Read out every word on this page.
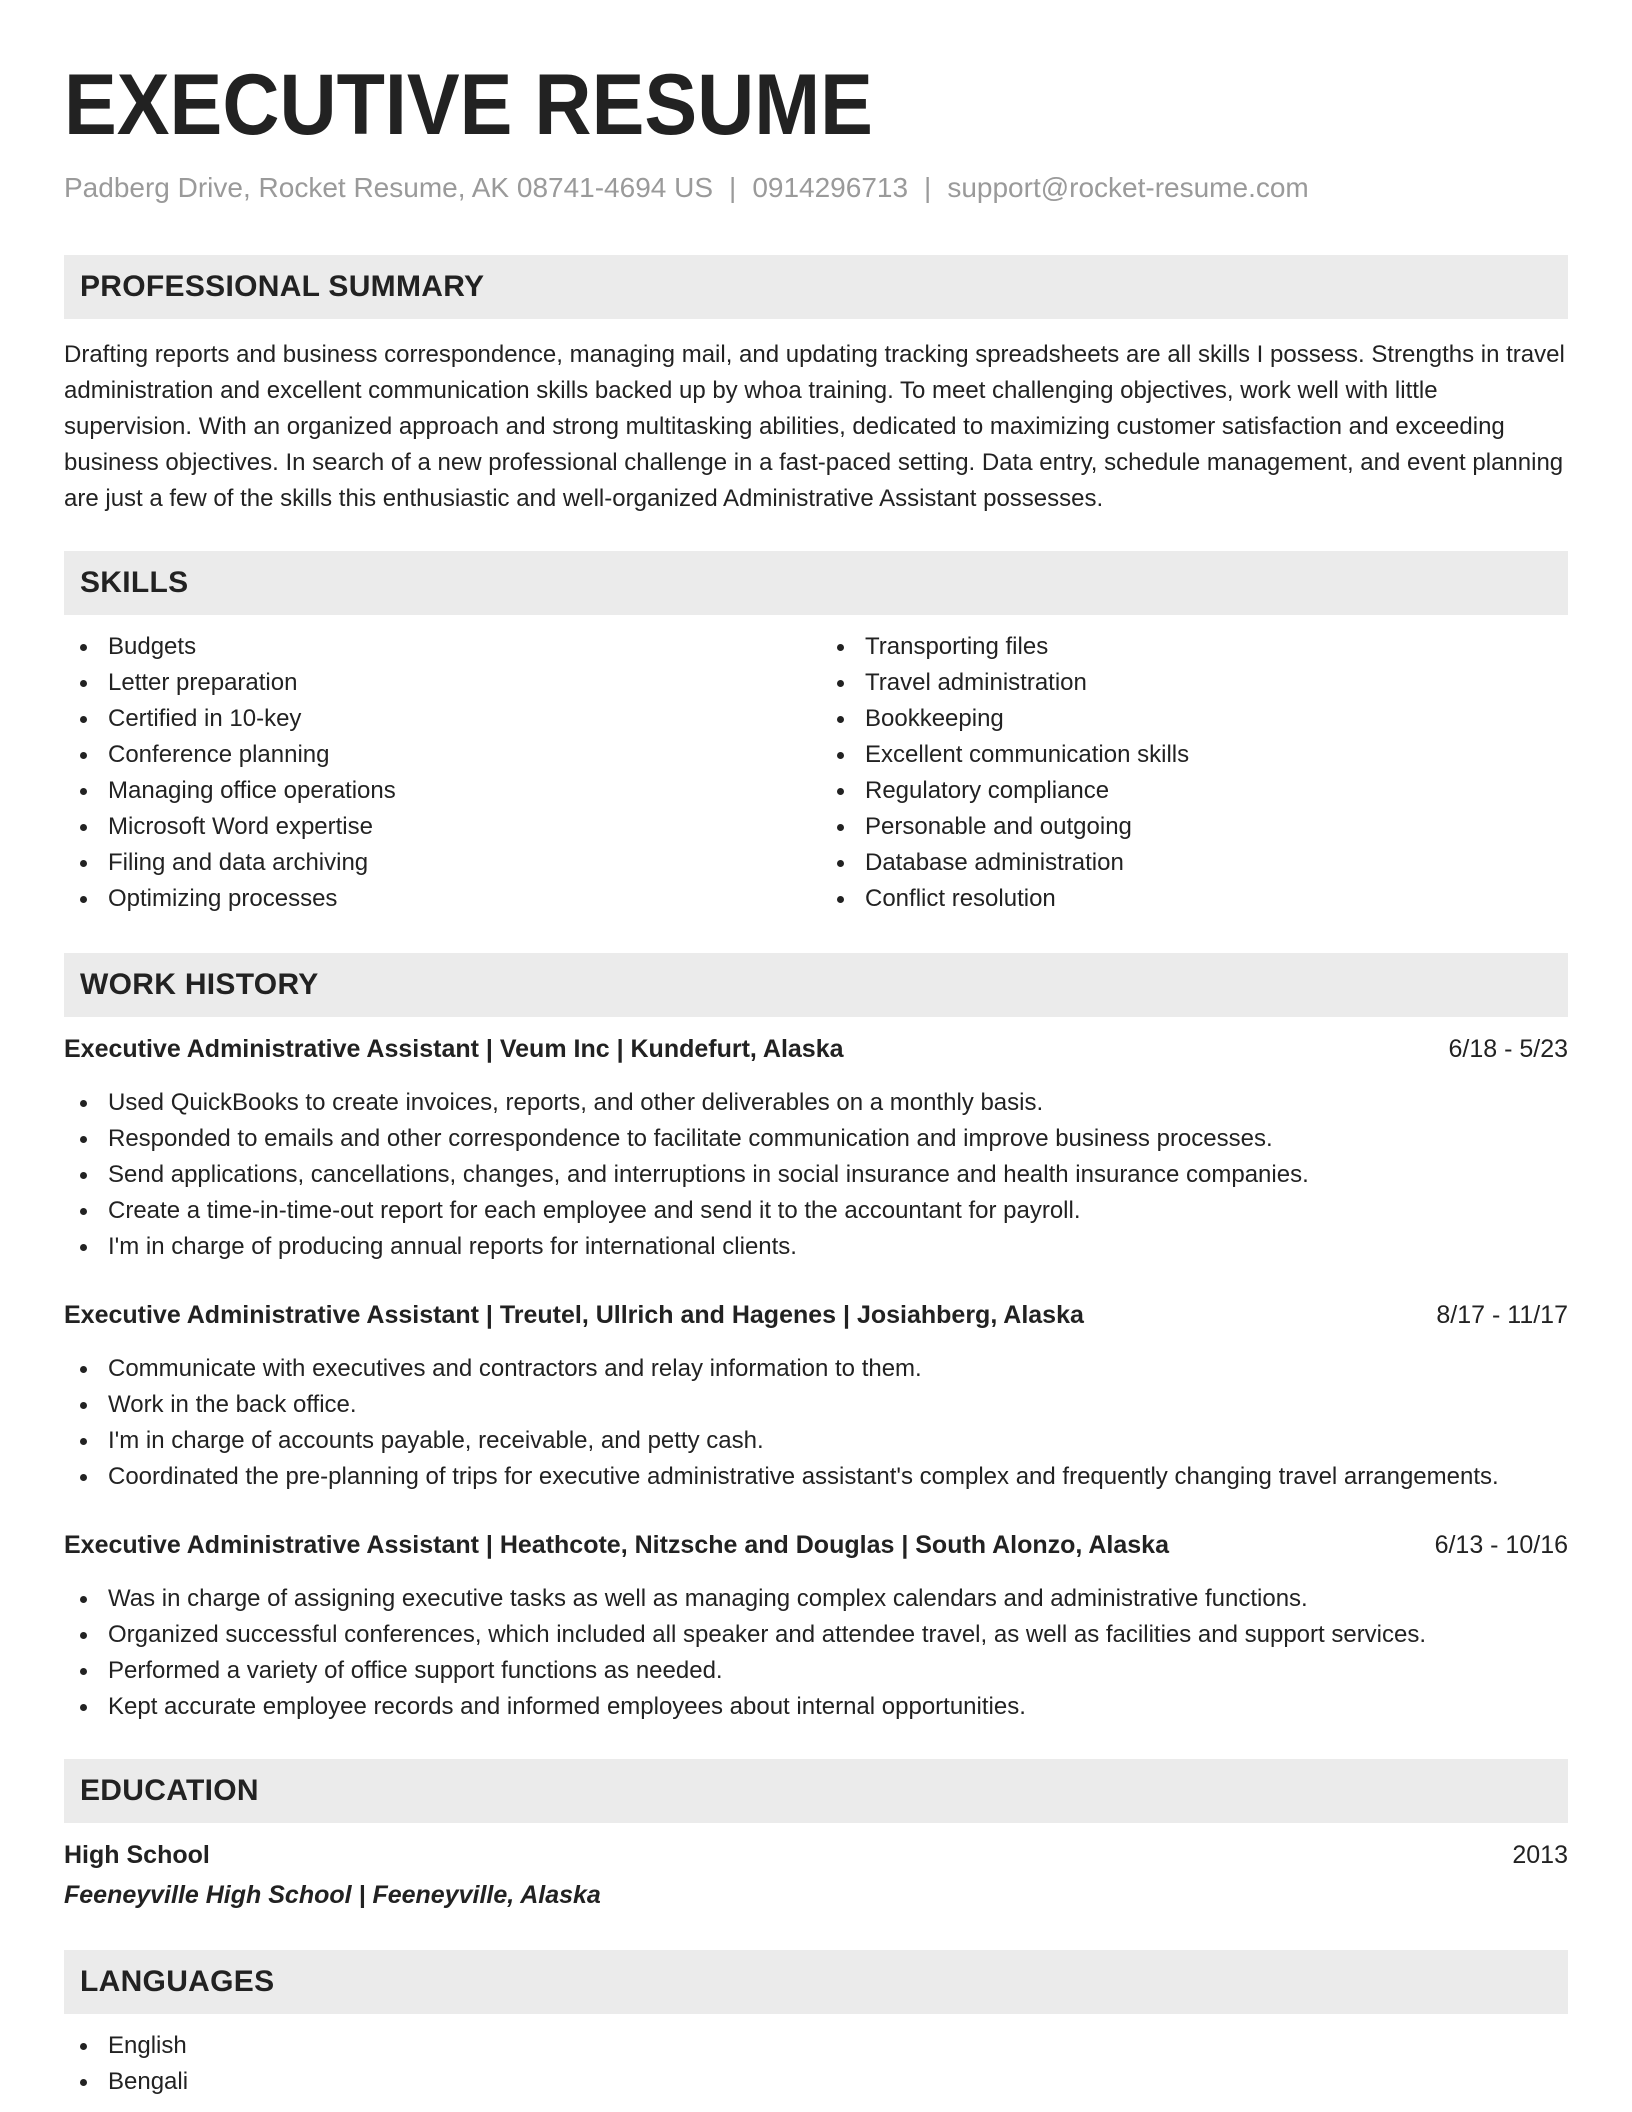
EXECUTIVE RESUME
Padberg Drive, Rocket Resume, AK 08741-4694 US | 0914296713 | support@rocket-resume.com
PROFESSIONAL SUMMARY

Drafting reports and business correspondence, managing mail, and updating tracking spreadsheets are all skills I possess. Strengths in travel administration and excellent communication skills backed up by whoa training. To meet challenging objectives, work well with little supervision. With an organized approach and strong multitasking abilities, dedicated to maximizing customer satisfaction and exceeding business objectives. In search of a new professional challenge in a fast-paced setting. Data entry, schedule management, and event planning are just a few of the skills this enthusiastic and well-organized Administrative Assistant possesses.

SKILLS
Budgets
Letter preparation
Certified in 10-key
Conference planning
Managing office operations
Microsoft Word expertise
Filing and data archiving
Optimizing processes
Transporting files
Travel administration
Bookkeeping
Excellent communication skills
Regulatory compliance
Personable and outgoing
Database administration
Conflict resolution
WORK HISTORY
Executive Administrative Assistant | Veum Inc | Kundefurt, Alaska	6/18 - 5/23
Used QuickBooks to create invoices, reports, and other deliverables on a monthly basis.
Responded to emails and other correspondence to facilitate communication and improve business processes.
Send applications, cancellations, changes, and interruptions in social insurance and health insurance companies.
Create a time-in-time-out report for each employee and send it to the accountant for payroll.
I'm in charge of producing annual reports for international clients.
Executive Administrative Assistant | Treutel, Ullrich and Hagenes | Josiahberg, Alaska	8/17 - 11/17
Communicate with executives and contractors and relay information to them.
Work in the back office.
I'm in charge of accounts payable, receivable, and petty cash.
Coordinated the pre-planning of trips for executive administrative assistant's complex and frequently changing travel arrangements.
Executive Administrative Assistant | Heathcote, Nitzsche and Douglas | South Alonzo, Alaska	6/13 - 10/16
Was in charge of assigning executive tasks as well as managing complex calendars and administrative functions.
Organized successful conferences, which included all speaker and attendee travel, as well as facilities and support services.
Performed a variety of office support functions as needed.
Kept accurate employee records and informed employees about internal opportunities.
EDUCATION
High School	2013
Feeneyville High School | Feeneyville, Alaska
LANGUAGES
English
Bengali
